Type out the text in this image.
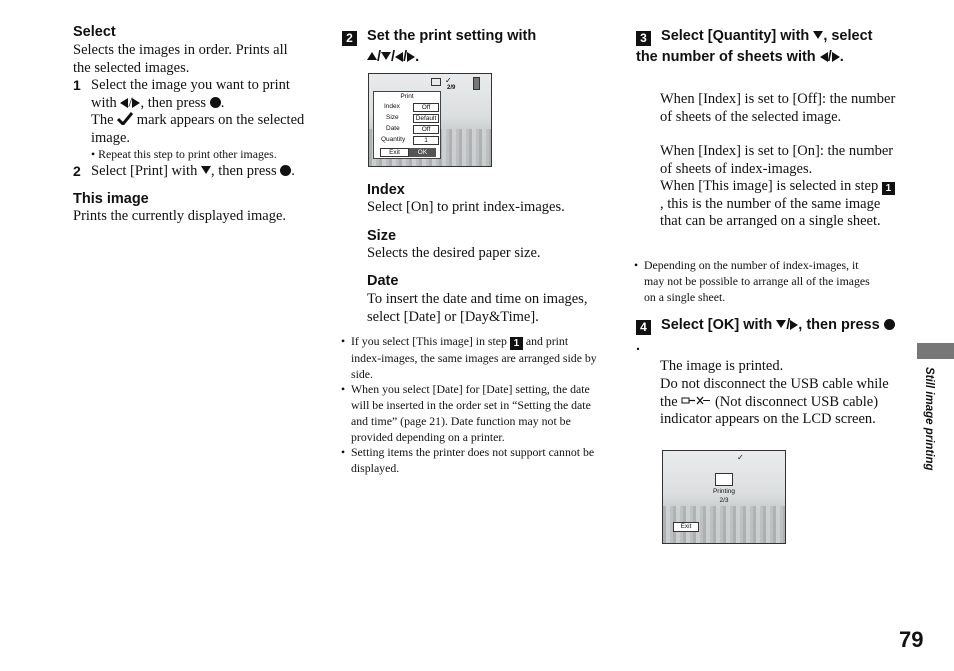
Select
Selects the images in order. Prints all the selected images.
1 Select the image you want to print with / , then press .
The mark appears on the selected image.
• Repeat this step to print other images.
2 Select [Print] with , then press .
This image
Prints the currently displayed image.
2 Set the print setting with
/ / / .
✓
2/9
Print
Index	Off
Size	Default
Date	Off
Quantity	1
Exit	OK
Index
Select [On] to print index-images.
Size
Selects the desired paper size.
Date
To insert the date and time on images, select [Date] or [Day&Time].
• If you select [This image] in step 1 and print index-images, the same images are arranged side by side.
• When you select [Date] for [Date] setting, the date will be inserted in the order set in “Setting the date and time” (page 21). Date function may not be provided depending on a printer.
• Setting items the printer does not support cannot be displayed.
3 Select [Quantity] with , select the number of sheets with / .
When [Index] is set to [Off]: the number of sheets of the selected image.
When [Index] is set to [On]: the number of sheets of index-images.
When [This image] is selected in step 1, this is the number of the same image that can be arranged on a single sheet.
• Depending on the number of index-images, it may not be possible to arrange all of the images on a single sheet.
4 Select [OK] with / , then press .
The image is printed.
Do not disconnect the USB cable while the	(Not disconnect USB cable) indicator appears on the LCD screen.
✓
Printing
2/3
Exit
Still image printing
79
